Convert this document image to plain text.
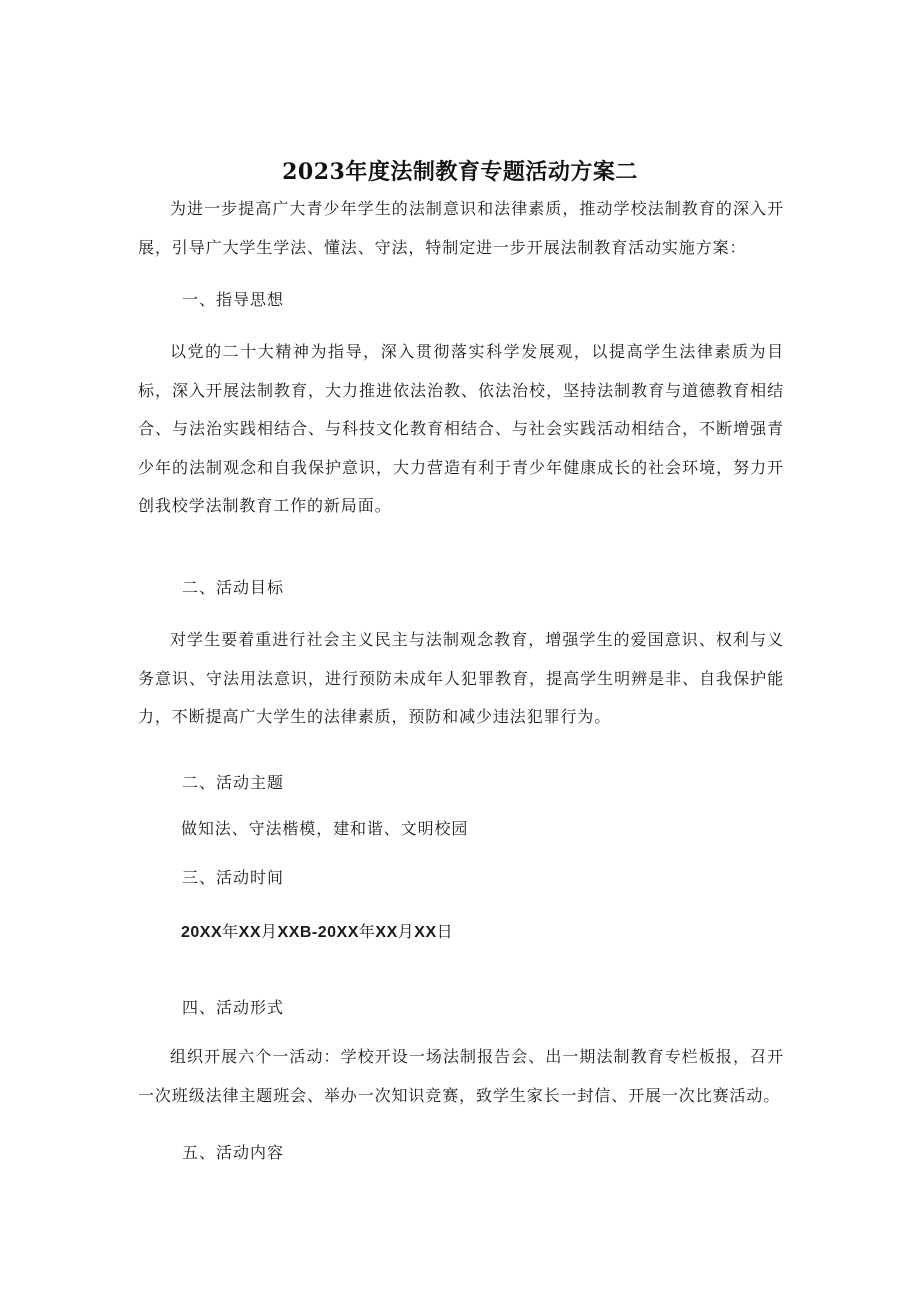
2023年度法制教育专题活动方案二

为进一步提高广大青少年学生的法制意识和法律素质，推动学校法制教育的深入开展，引导广大学生学法、懂法、守法，特制定进一步开展法制教育活动实施方案：

一、指导思想

以党的二十大精神为指导，深入贯彻落实科学发展观，以提高学生法律素质为目标，深入开展法制教育，大力推进依法治教、依法治校，坚持法制教育与道德教育相结合、与法治实践相结合、与科技文化教育相结合、与社会实践活动相结合，不断增强青少年的法制观念和自我保护意识，大力营造有利于青少年健康成长的社会环境，努力开创我校学法制教育工作的新局面。

二、活动目标

对学生要着重进行社会主义民主与法制观念教育，增强学生的爱国意识、权利与义务意识、守法用法意识，进行预防未成年人犯罪教育，提高学生明辨是非、自我保护能力，不断提高广大学生的法律素质，预防和减少违法犯罪行为。

二、活动主题

做知法、守法楷模，建和谐、文明校园

三、活动时间

20XX年XX月XXB-20XX年XX月XX日

四、活动形式

组织开展六个一活动：学校开设一场法制报告会、出一期法制教育专栏板报，召开一次班级法律主题班会、举办一次知识竞赛，致学生家长一封信、开展一次比赛活动。

五、活动内容
